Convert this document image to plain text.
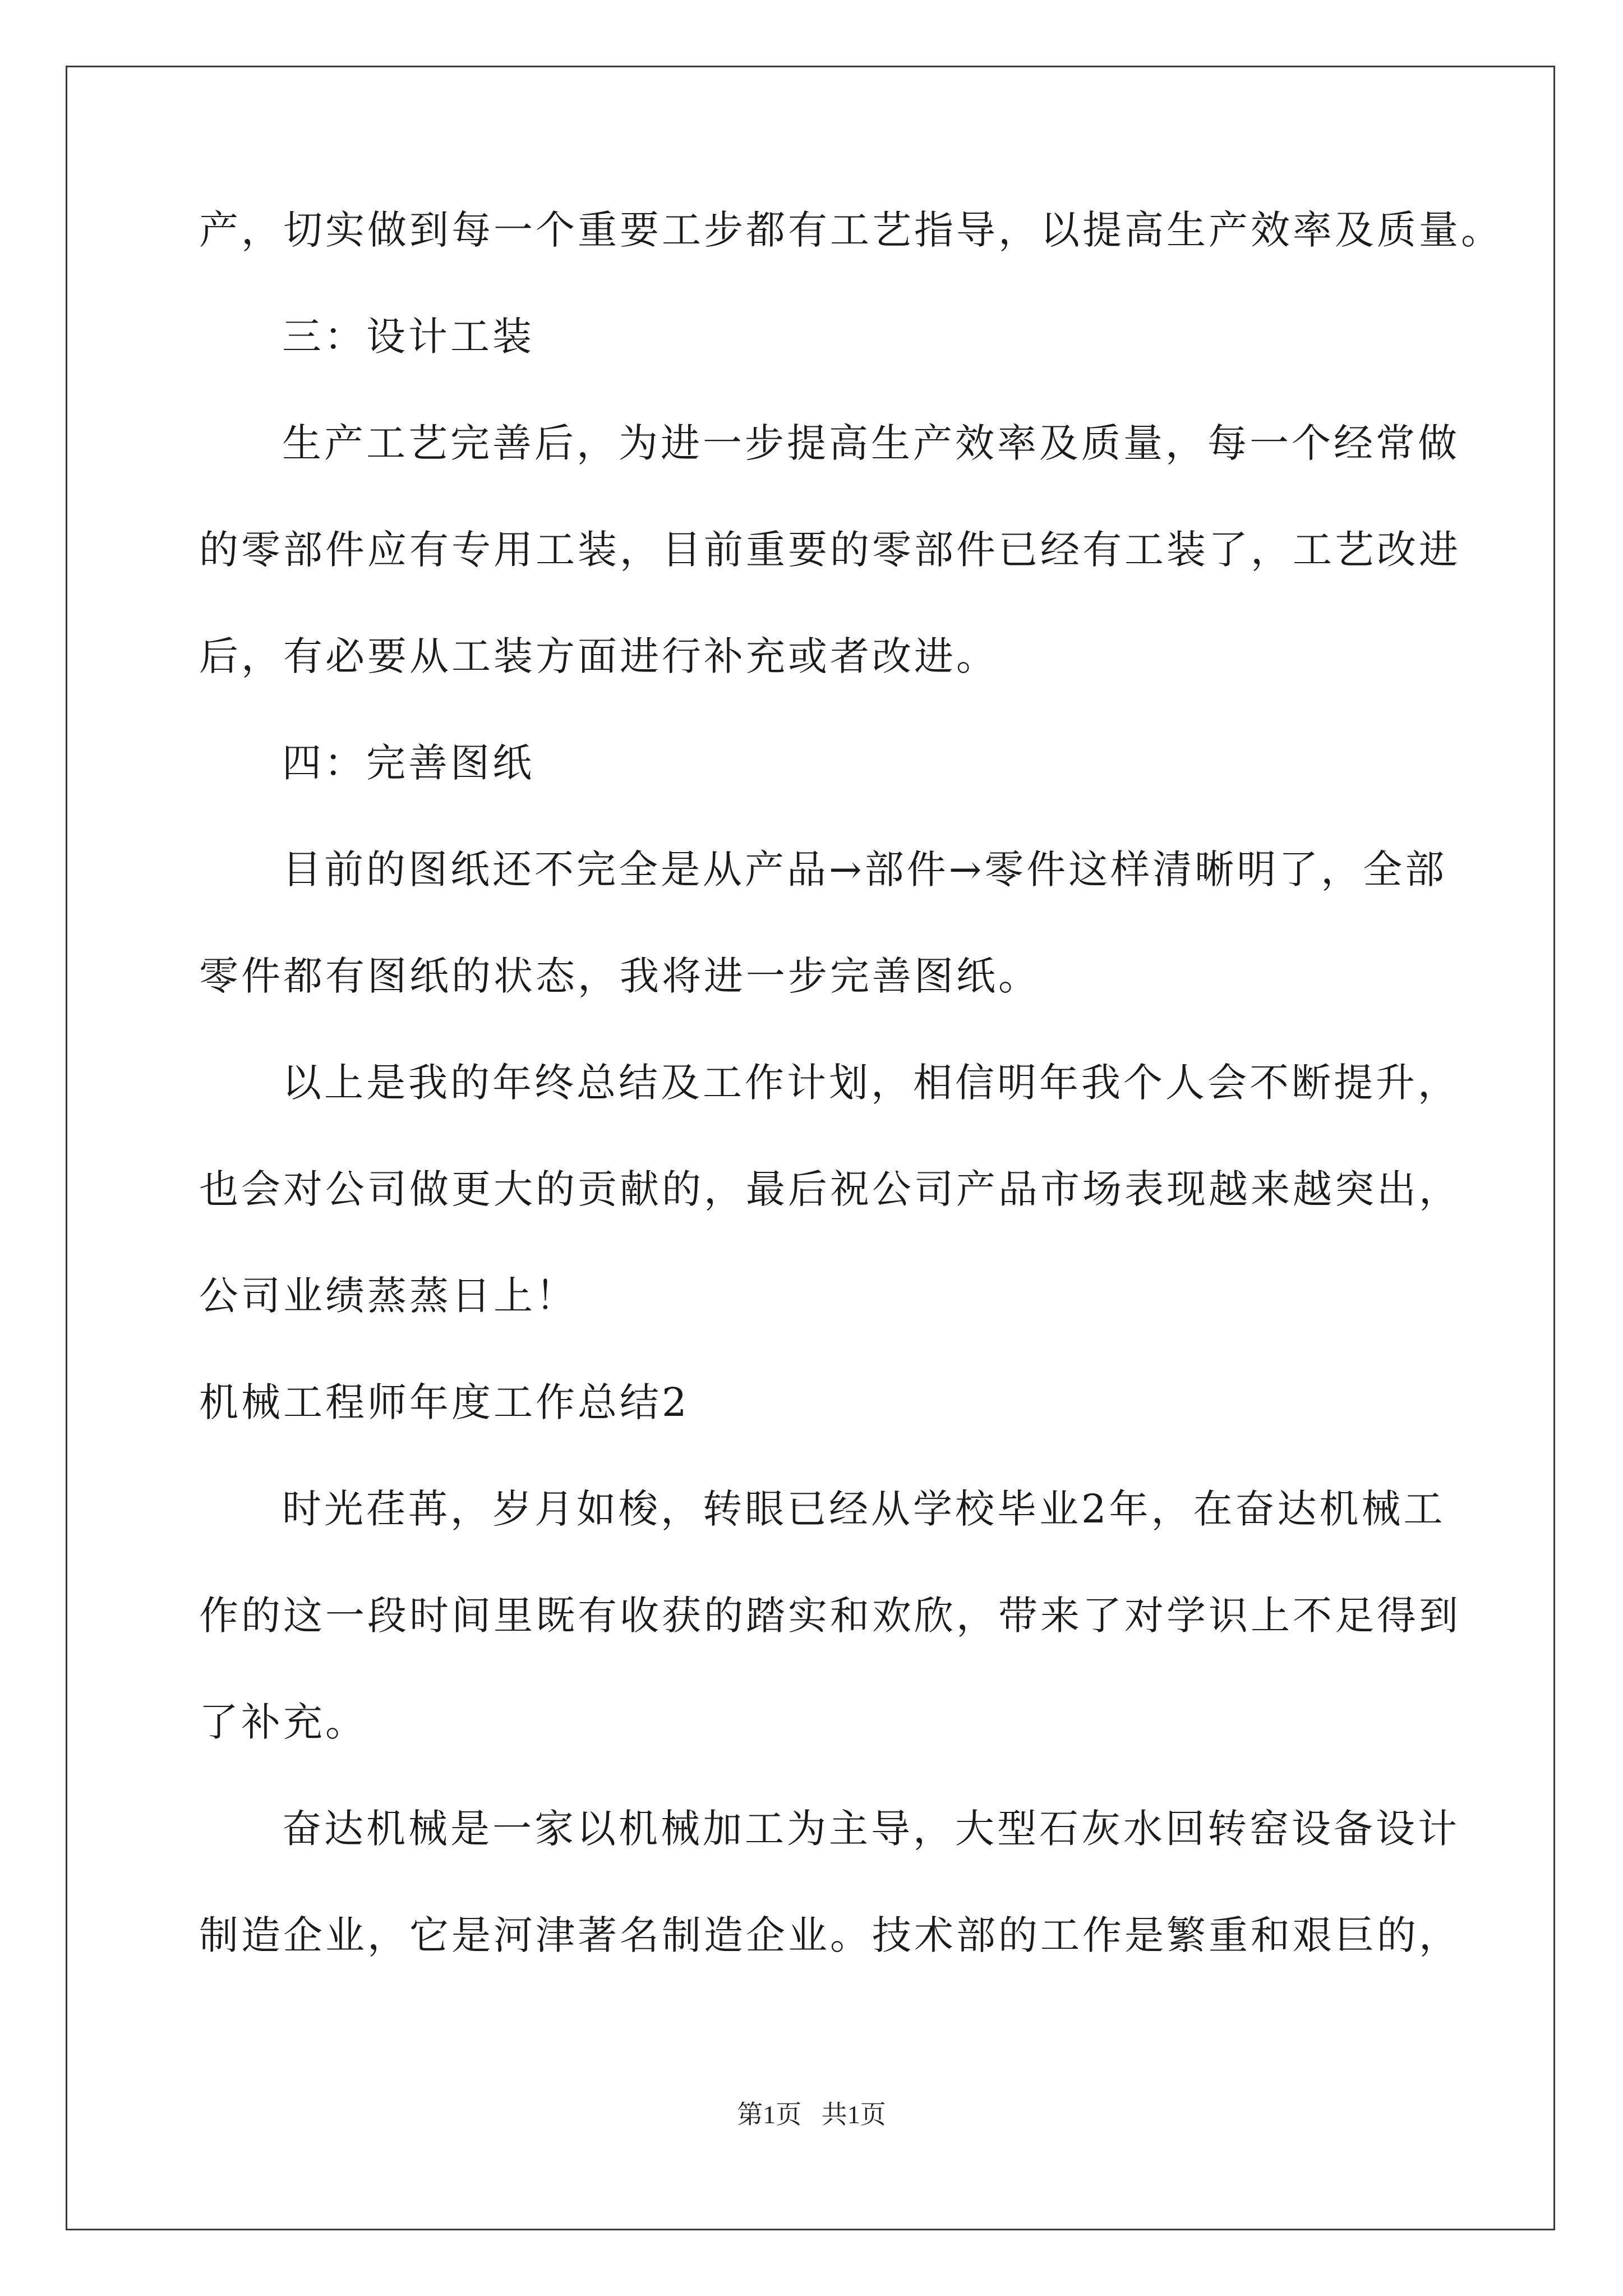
产，切实做到每一个重要工步都有工艺指导，以提高生产效率及质量。
三：设计工装
生产工艺完善后，为进一步提高生产效率及质量，每一个经常做
的零部件应有专用工装，目前重要的零部件已经有工装了，工艺改进
后，有必要从工装方面进行补充或者改进。
四：完善图纸
目前的图纸还不完全是从产品→部件→零件这样清晰明了，全部
零件都有图纸的状态，我将进一步完善图纸。
以上是我的年终总结及工作计划，相信明年我个人会不断提升，
也会对公司做更大的贡献的，最后祝公司产品市场表现越来越突出，
公司业绩蒸蒸日上！
机械工程师年度工作总结2
时光荏苒，岁月如梭，转眼已经从学校毕业2年，在奋达机械工
作的这一段时间里既有收获的踏实和欢欣，带来了对学识上不足得到
了补充。
奋达机械是一家以机械加工为主导，大型石灰水回转窑设备设计
制造企业，它是河津著名制造企业。技术部的工作是繁重和艰巨的，
第1页 共1页
